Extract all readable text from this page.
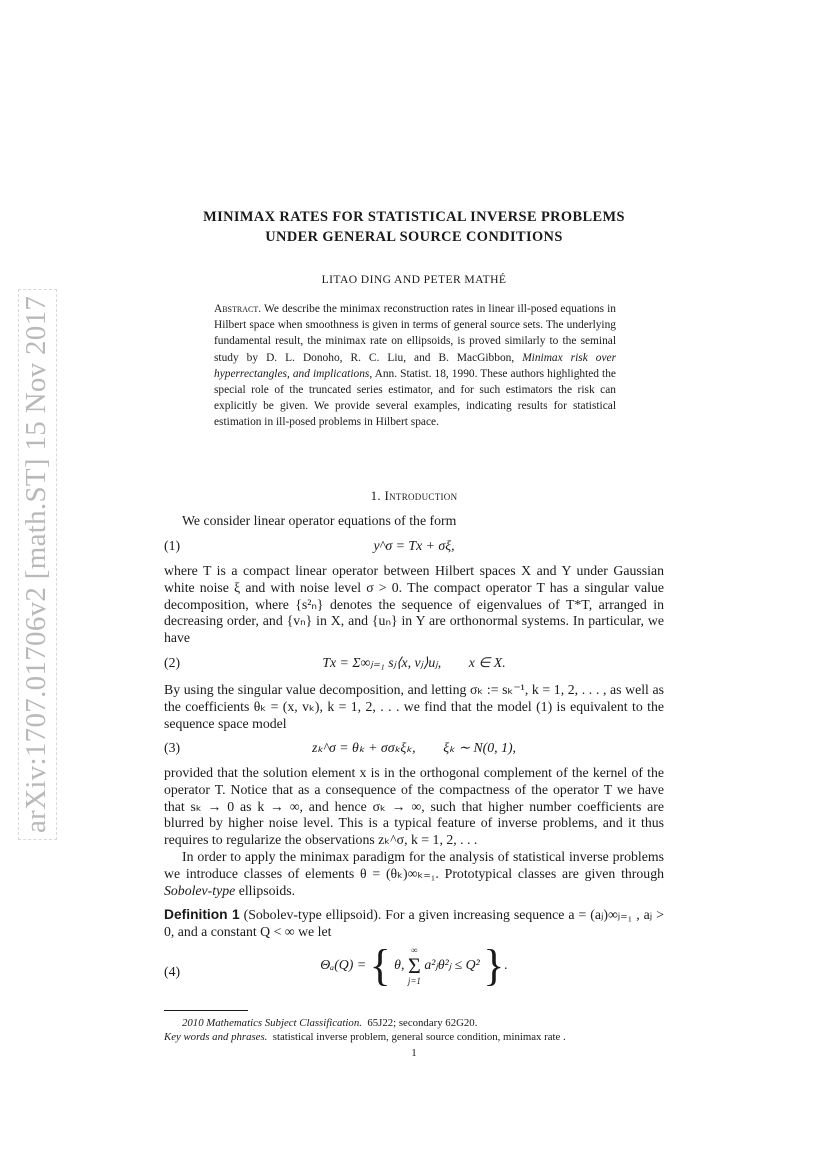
arXiv:1707.01706v2 [math.ST] 15 Nov 2017
MINIMAX RATES FOR STATISTICAL INVERSE PROBLEMS
UNDER GENERAL SOURCE CONDITIONS
LITAO DING AND PETER MATHÉ
Abstract. We describe the minimax reconstruction rates in linear ill-posed equations in Hilbert space when smoothness is given in terms of general source sets. The underlying fundamental result, the minimax rate on ellipsoids, is proved similarly to the seminal study by D. L. Donoho, R. C. Liu, and B. MacGibbon, Minimax risk over hyperrectangles, and implications, Ann. Statist. 18, 1990. These authors highlighted the special role of the truncated series estimator, and for such estimators the risk can explicitly be given. We provide several examples, indicating results for statistical estimation in ill-posed problems in Hilbert space.
1. Introduction
We consider linear operator equations of the form
(1)	y^σ = Tx + σξ,
where T is a compact linear operator between Hilbert spaces X and Y under Gaussian white noise ξ and with noise level σ > 0. The compact operator T has a singular value decomposition, where {s²ₙ} denotes the sequence of eigenvalues of T*T, arranged in decreasing order, and {vₙ} in X, and {uₙ} in Y are orthonormal systems. In particular, we have
(2)	Tx = Σ∞ⱼ₌₁ sⱼ⟨x, vⱼ⟩uⱼ,        x ∈ X.
By using the singular value decomposition, and letting σₖ := sₖ⁻¹, k = 1, 2, . . . , as well as the coefficients θₖ = (x, vₖ), k = 1, 2, . . . we find that the model (1) is equivalent to the sequence space model
(3)	zₖ^σ = θₖ + σσₖξₖ,        ξₖ ∼ N(0, 1),
provided that the solution element x is in the orthogonal complement of the kernel of the operator T. Notice that as a consequence of the compactness of the operator T we have that sₖ → 0 as k → ∞, and hence σₖ → ∞, such that higher number coefficients are blurred by higher noise level. This is a typical feature of inverse problems, and it thus requires to regularize the observations zₖ^σ, k = 1, 2, . . .
In order to apply the minimax paradigm for the analysis of statistical inverse problems we introduce classes of elements θ = (θₖ)∞ₖ₌₁. Prototypical classes are given through Sobolev-type ellipsoids.
Definition 1 (Sobolev-type ellipsoid). For a given increasing sequence a = (aⱼ)∞ⱼ₌₁ , aⱼ > 0, and a constant Q < ∞ we let
(4)	Θₐ(Q) = { θ,
∞
Σ
j=1
a²ⱼθ²ⱼ ≤ Q² }.
2010 Mathematics Subject Classification. 65J22; secondary 62G20.
Key words and phrases. statistical inverse problem, general source condition, minimax rate .
1
